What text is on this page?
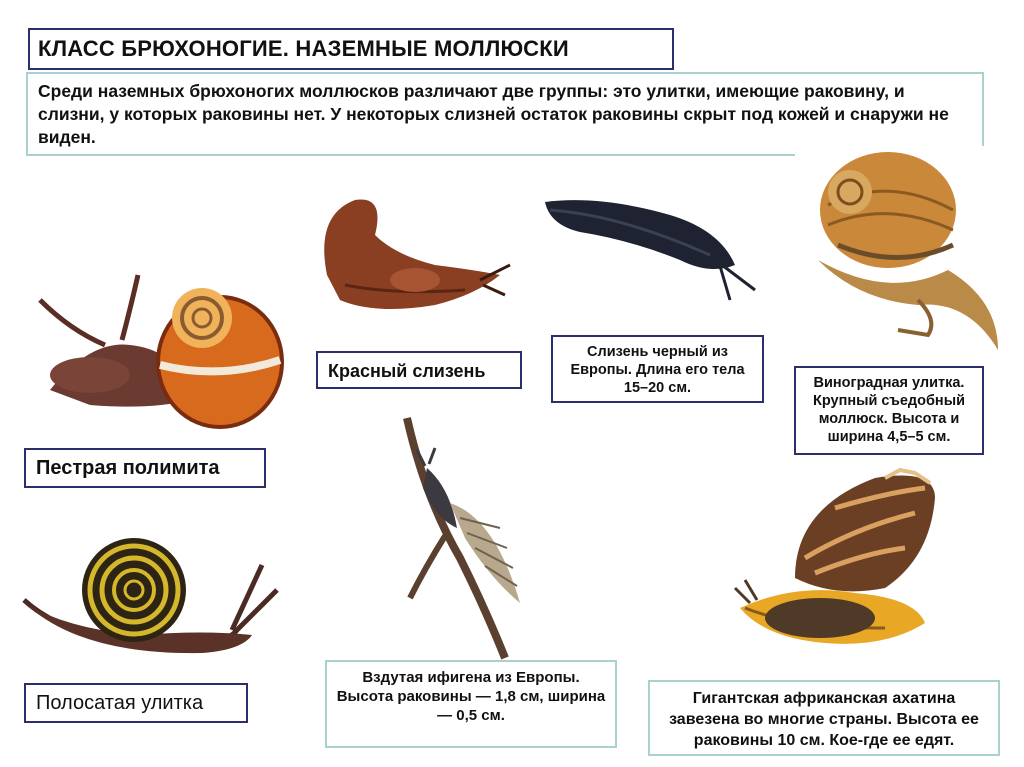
КЛАСС БРЮХОНОГИЕ. НАЗЕМНЫЕ МОЛЛЮСКИ
Среди наземных брюхоногих моллюсков различают две группы: это улитки, имеющие раковину, и слизни, у которых раковины нет. У некоторых слизней остаток раковины скрыт под кожей и снаружи не виден.
Пестрая полимита
Красный слизень
Слизень черный из Европы. Длина его тела 15–20 см.	Виноградная улитка. Крупный съедобный моллюск. Высота и ширина 4,5–5 см.
Полосатая улитка
Вздутая ифигена из Европы. Высота раковины — 1,8 см, ширина — 0,5 см.
Гигантская африканская ахатина завезена во многие страны. Высота ее раковины 10 см. Кое-где ее едят.
